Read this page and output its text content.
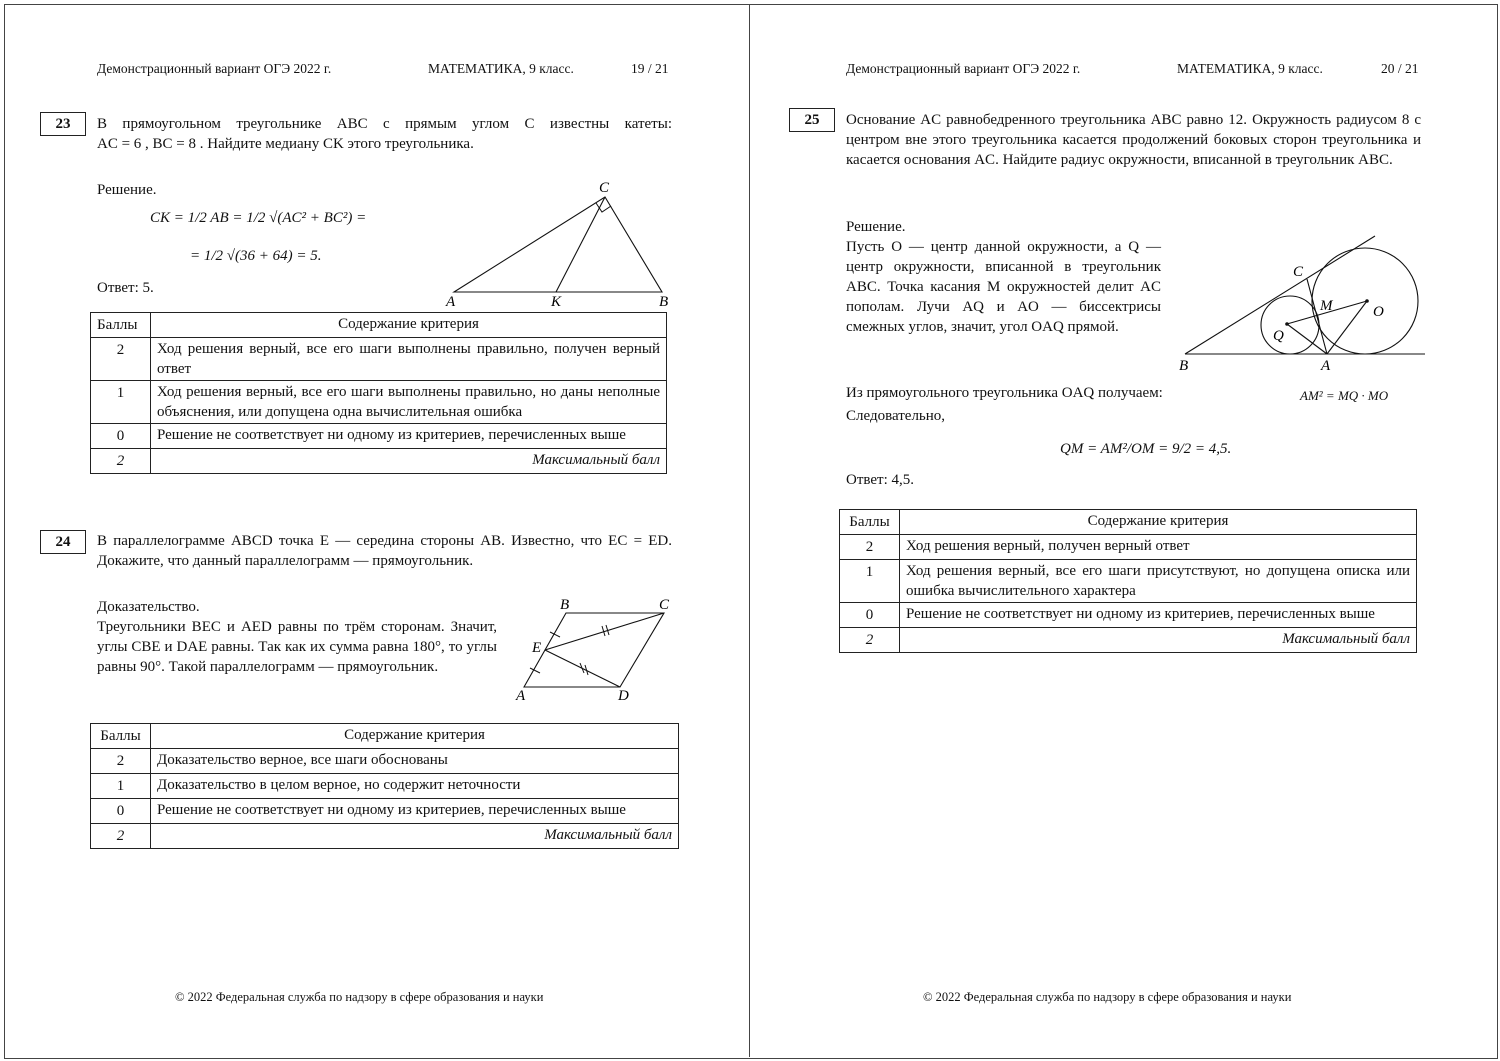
Демонстрационный вариант ОГЭ 2022 г.	МАТЕМАТИКА, 9 класс.	19 / 21
23	В прямоугольном треугольнике ABC с прямым углом C известны катеты:
AC = 6 , BC = 8 . Найдите медиану CK этого треугольника.
Решение.
CK = 1/2 AB = 1/2 √(AC² + BC²) =
= 1/2 √(36 + 64) = 5.
Ответ: 5.
A	K	B
C
Баллы	Содержание критерия
2	Ход решения верный, все его шаги выполнены правильно, получен верный ответ
1	Ход решения верный, все его шаги выполнены правильно, но даны неполные объяснения, или допущена одна вычислительная ошибка
0	Решение не соответствует ни одному из критериев, перечисленных выше
2	Максимальный балл
24	В параллелограмме ABCD точка E — середина стороны AB. Известно, что EC = ED. Докажите, что данный параллелограмм — прямоугольник.
Доказательство.
Треугольники BEC и AED равны по трём сторонам. Значит, углы CBE и DAE равны. Так как их сумма равна 180°, то углы равны 90°. Такой параллелограмм — прямоугольник.
B	C
E
A	D
Баллы	Содержание критерия
2	Доказательство верное, все шаги обоснованы
1	Доказательство в целом верное, но содержит неточности
0	Решение не соответствует ни одному из критериев, перечисленных выше
2	Максимальный балл
© 2022 Федеральная служба по надзору в сфере образования и науки
Демонстрационный вариант ОГЭ 2022 г.	МАТЕМАТИКА, 9 класс.	20 / 21
25	Основание AC равнобедренного треугольника ABC равно 12. Окружность радиусом 8 с центром вне этого треугольника касается продолжений боковых сторон треугольника и касается основания AC. Найдите радиус окружности, вписанной в треугольник ABC.
Решение.
Пусть O — центр данной окружности, а Q — центр окружности, вписанной в треугольник ABC. Точка касания M окружностей делит AC пополам. Лучи AQ и AO — биссектрисы смежных углов, значит, угол OAQ прямой.
B	A
C
M	O
Q
Из прямоугольного треугольника OAQ получаем:	AM² = MQ · MO
Следовательно,
QM = AM²/OM = 9/2 = 4,5.
Ответ: 4,5.
Баллы	Содержание критерия
2	Ход решения верный, получен верный ответ
1	Ход решения верный, все его шаги присутствуют, но допущена описка или ошибка вычислительного характера
0	Решение не соответствует ни одному из критериев, перечисленных выше
2	Максимальный балл
© 2022 Федеральная служба по надзору в сфере образования и науки
